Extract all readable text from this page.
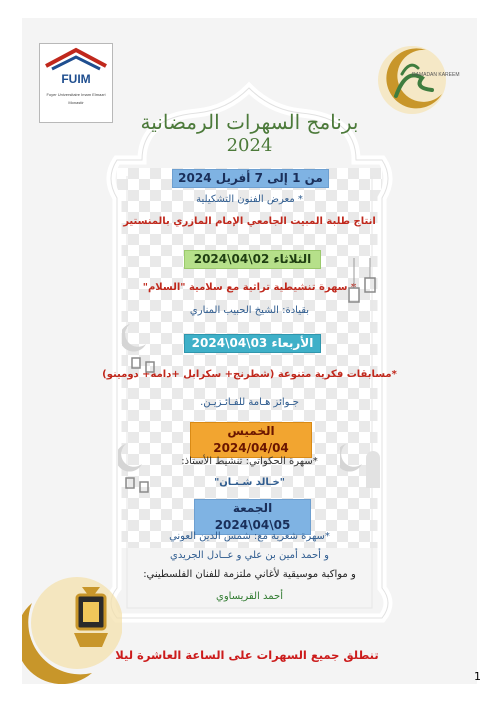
FUIM
Foyer Universitaire Imam Elmazri
Monastir
RAMADAN KAREEM
برنامج السهرات الرمضانية
2024
من 1 إلى 7 أفريل 2024
* معرض الفنون التشكيلية
انتاج طلبة المبيت الجامعي الإمام المازري بالمنستير
الثلاثاء 02\04\2024
* سهرة تنشيطية تراثية مع سلامية "السلام"
بقيادة: الشيخ الحبيب المناري
الأربعاء 03\04\2024
*مسابقات فكرية متنوعة (شطرنج+ سكرابل +دامة+ دومينو)
جـوائز هـامة للفـائـزيـن.
الخميس 2024/04/04
*سهرة الحكواتي: تنشيط الأستاذ:
"خـالد شـنـان"
الجمعة 05\04\2024
*سهرة شعرية مع: شمس الدين العوني
و أحمد أمين بن علي و عــادل الجريدي
و مواكبة موسيقية لأغاني ملتزمة للفنان الفلسطيني:
أحمد القريساوي
تنطلق جميع السهرات على الساعة العاشرة ليلا
1
